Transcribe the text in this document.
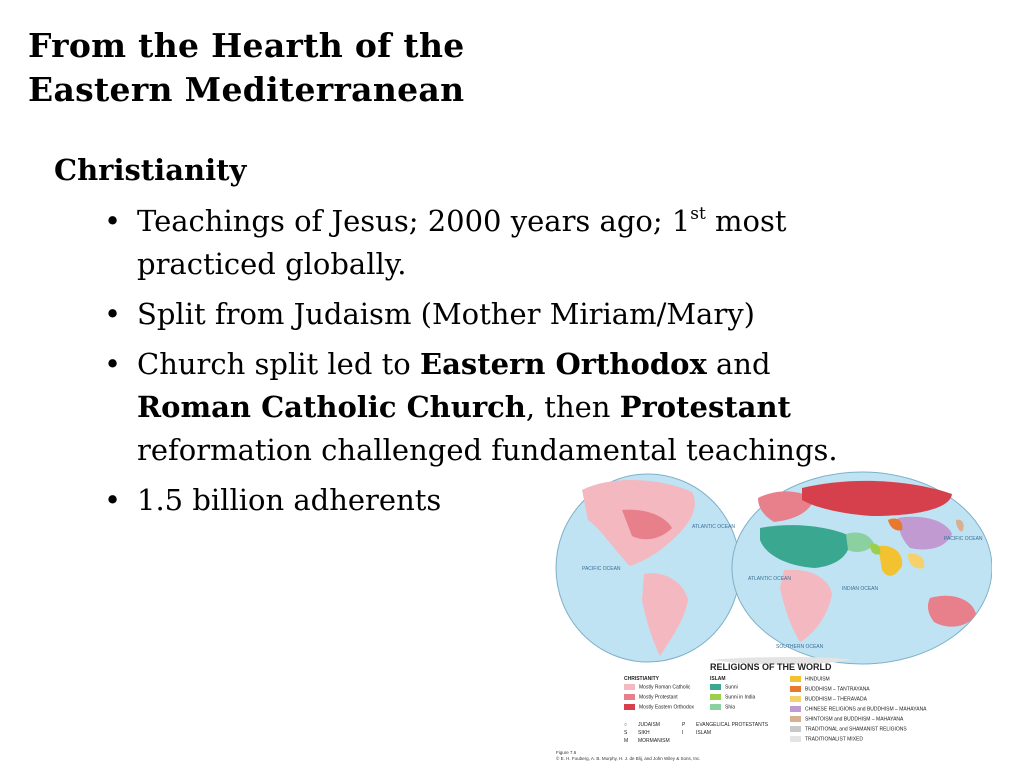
From the Hearth of the
Eastern Mediterranean
Christianity
• Teachings of Jesus; 2000 years ago; 1st most practiced globally.
• Split from Judaism (Mother Miriam/Mary)
• Church split led to Eastern Orthodox and
Roman Catholic Church, then Protestant
reformation challenged fundamental teachings.
• 1.5 billion adherents
ATLANTIC OCEAN
PACIFIC OCEAN
ATLANTIC OCEAN
INDIAN OCEAN
PACIFIC OCEAN
SOUTHERN OCEAN
RELIGIONS OF THE WORLD
CHRISTIANITY
Mostly Roman Catholic
Mostly Protestant
Mostly Eastern Orthodox
○ JUDAISM
S SIKH
M MORMANISM
ISLAM
Sunni
Sunni in India
Shia
P EVANGELICAL PROTESTANTS
I	ISLAM
HINDUISM
BUDDHISM – TANTRAYANA
BUDDHISM – THERAVADA
CHINESE RELIGIONS and BUDDHISM – MAHAYANA
SHINTOISM and BUDDHISM – MAHAYANA
TRADITIONAL and SHAMANIST RELIGIONS
TRADITIONALIST MIXED
Figure 7.6
© E. H. Fouberg, A. B. Murphy, H. J. de Blij, and John Wiley & Sons, Inc.
